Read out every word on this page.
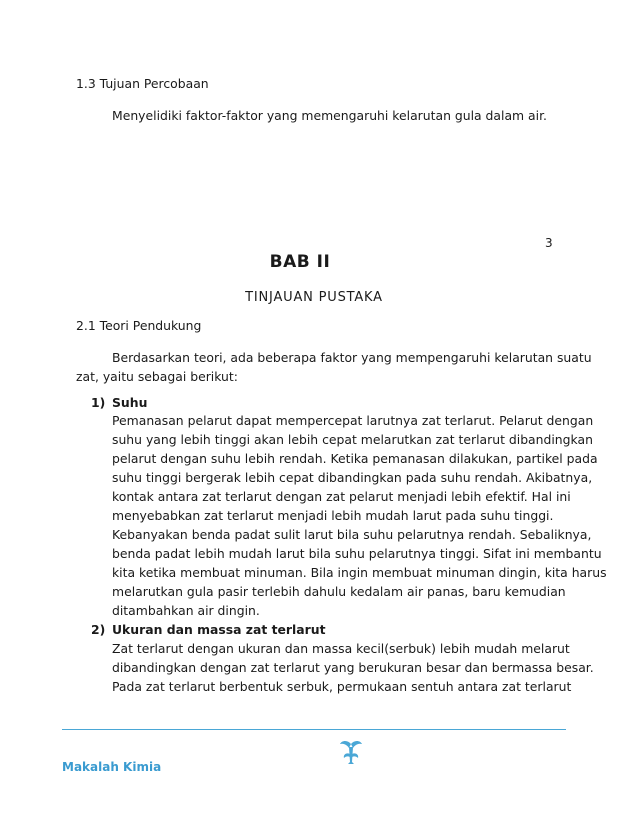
1.3 Tujuan Percobaan
Menyelidiki faktor-faktor yang memengaruhi kelarutan gula dalam air.
3
BAB II
TINJAUAN PUSTAKA
2.1 Teori Pendukung
Berdasarkan teori, ada beberapa faktor yang mempengaruhi kelarutan suatu
zat, yaitu sebagai berikut:
1) Suhu
Pemanasan pelarut dapat mempercepat larutnya zat terlarut. Pelarut dengan
suhu yang lebih tinggi akan lebih cepat melarutkan zat terlarut dibandingkan
pelarut dengan suhu lebih rendah. Ketika pemanasan dilakukan, partikel pada
suhu tinggi bergerak lebih cepat dibandingkan pada suhu rendah. Akibatnya,
kontak antara zat terlarut dengan zat pelarut menjadi lebih efektif. Hal ini
menyebabkan zat terlarut menjadi lebih mudah larut pada suhu tinggi.
Kebanyakan benda padat sulit larut bila suhu pelarutnya rendah. Sebaliknya,
benda padat lebih mudah larut bila suhu pelarutnya tinggi. Sifat ini membantu
kita ketika membuat minuman. Bila ingin membuat minuman dingin, kita harus
melarutkan gula pasir terlebih dahulu kedalam air panas, baru kemudian
ditambahkan air dingin.
2) Ukuran dan massa zat terlarut
Zat terlarut dengan ukuran dan massa kecil(serbuk) lebih mudah melarut
dibandingkan dengan zat terlarut yang berukuran besar dan bermassa besar.
Pada zat terlarut berbentuk serbuk, permukaan sentuh antara zat terlarut
Makalah Kimia
